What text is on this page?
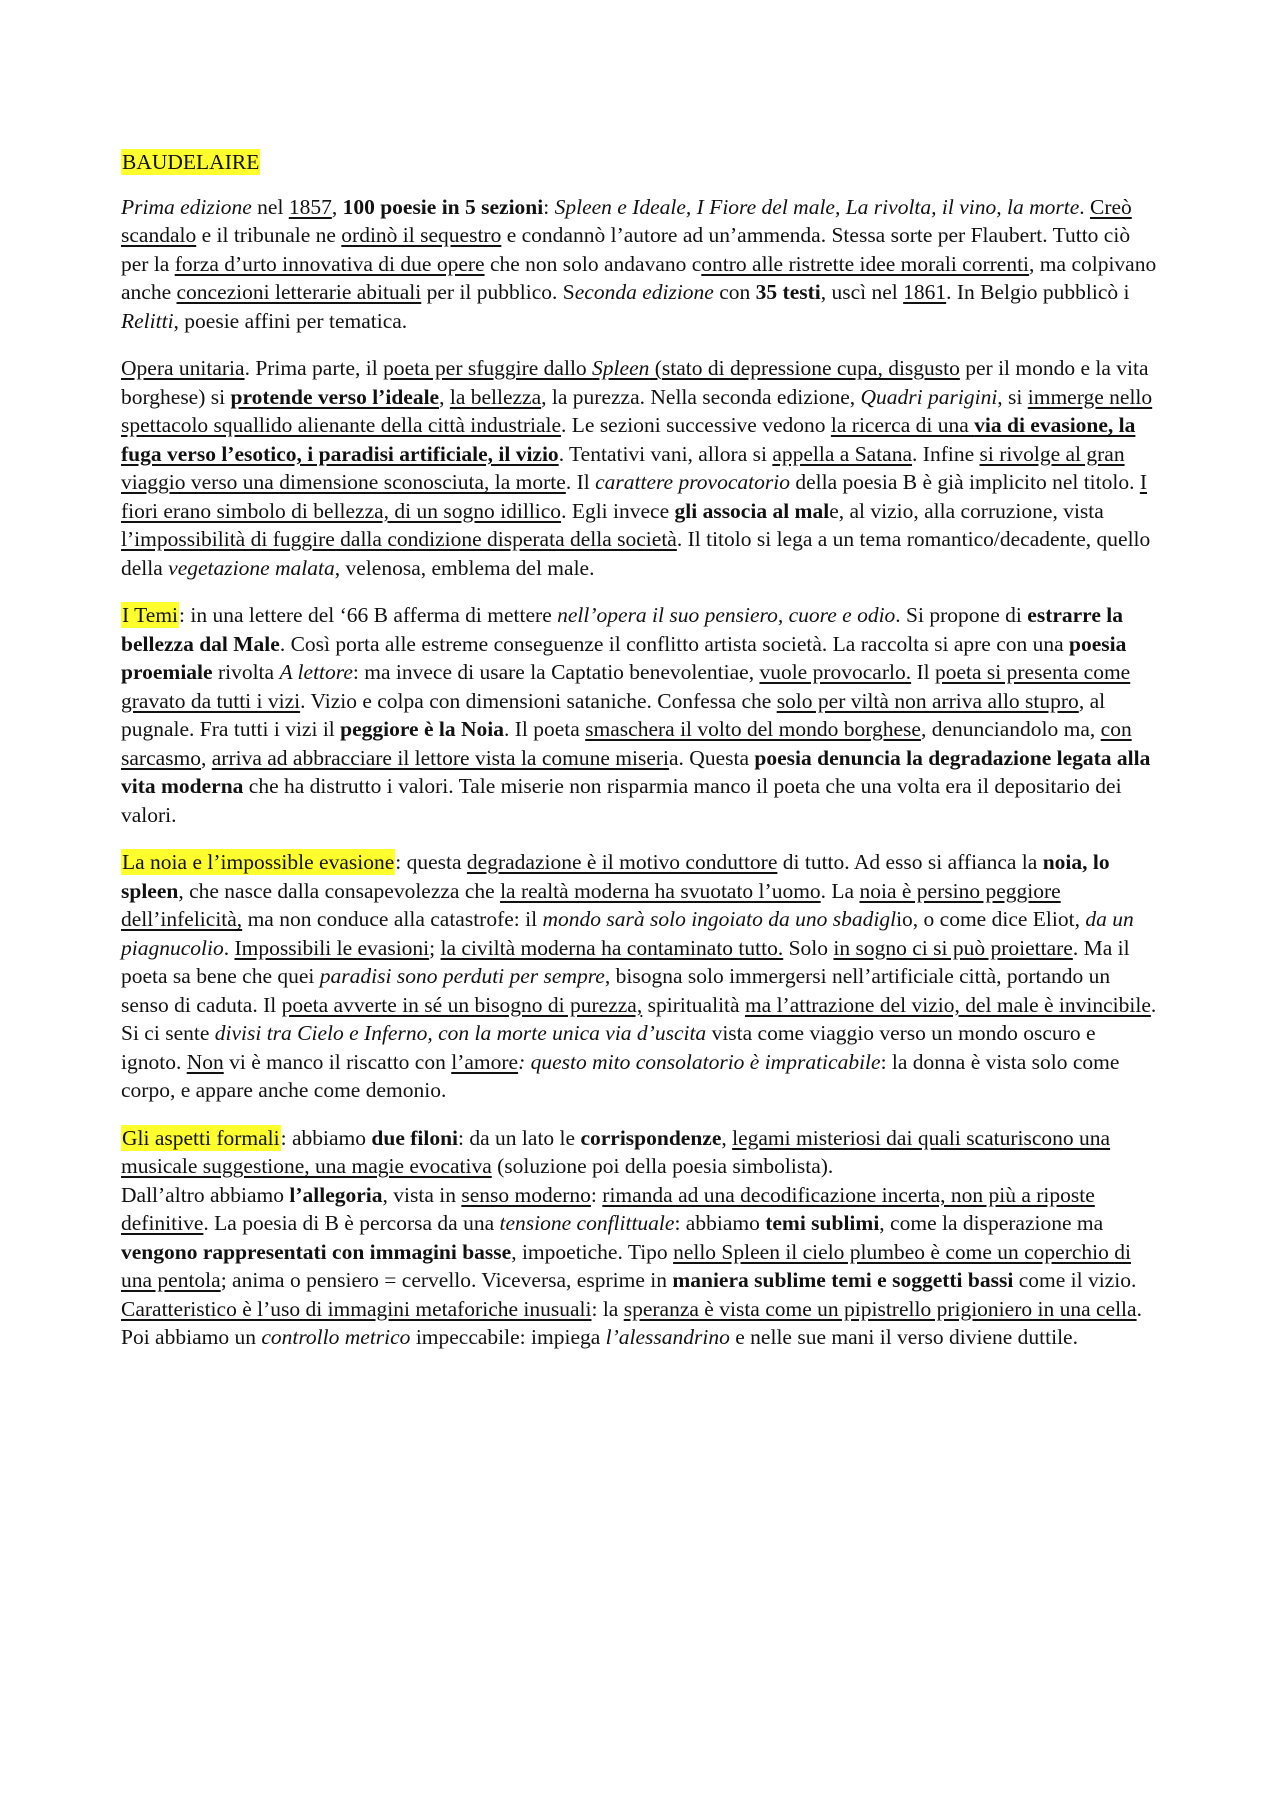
BAUDELAIRE

Prima edizione nel 1857, 100 poesie in 5 sezioni: Spleen e Ideale, I Fiore del male, La rivolta, il vino, la morte. Creò scandalo e il tribunale ne ordinò il sequestro e condannò l’autore ad un’ammenda. Stessa sorte per Flaubert. Tutto ciò per la forza d’urto innovativa di due opere che non solo andavano contro alle ristrette idee morali correnti, ma colpivano anche concezioni letterarie abituali per il pubblico. Seconda edizione con 35 testi, uscì nel 1861. In Belgio pubblicò i Relitti, poesie affini per tematica.

Opera unitaria. Prima parte, il poeta per sfuggire dallo Spleen (stato di depressione cupa, disgusto per il mondo e la vita borghese) si protende verso l’ideale, la bellezza, la purezza. Nella seconda edizione, Quadri parigini, si immerge nello spettacolo squallido alienante della città industriale. Le sezioni successive vedono la ricerca di una via di evasione, la fuga verso l’esotico, i paradisi artificiale, il vizio. Tentativi vani, allora si appella a Satana. Infine si rivolge al gran viaggio verso una dimensione sconosciuta, la morte. Il carattere provocatorio della poesia B è già implicito nel titolo. I fiori erano simbolo di bellezza, di un sogno idillico. Egli invece gli associa al male, al vizio, alla corruzione, vista l’impossibilità di fuggire dalla condizione disperata della società. Il titolo si lega a un tema romantico/decadente, quello della vegetazione malata, velenosa, emblema del male.

I Temi: in una lettere del ‘66 B afferma di mettere nell’opera il suo pensiero, cuore e odio. Si propone di estrarre la bellezza dal Male. Così porta alle estreme conseguenze il conflitto artista società. La raccolta si apre con una poesia proemiale rivolta A lettore: ma invece di usare la Captatio benevolentiae, vuole provocarlo. Il poeta si presenta come gravato da tutti i vizi. Vizio e colpa con dimensioni sataniche. Confessa che solo per viltà non arriva allo stupro, al pugnale. Fra tutti i vizi il peggiore è la Noia. Il poeta smaschera il volto del mondo borghese, denunciandolo ma, con sarcasmo, arriva ad abbracciare il lettore vista la comune miseria. Questa poesia denuncia la degradazione legata alla vita moderna che ha distrutto i valori. Tale miserie non risparmia manco il poeta che una volta era il depositario dei valori.

La noia e l’impossible evasione: questa degradazione è il motivo conduttore di tutto. Ad esso si affianca la noia, lo spleen, che nasce dalla consapevolezza che la realtà moderna ha svuotato l’uomo. La noia è persino peggiore dell’infelicità, ma non conduce alla catastrofe: il mondo sarà solo ingoiato da uno sbadiglio, o come dice Eliot, da un piagnucolio. Impossibili le evasioni; la civiltà moderna ha contaminato tutto. Solo in sogno ci si può proiettare. Ma il poeta sa bene che quei paradisi sono perduti per sempre, bisogna solo immergersi nell’artificiale città, portando un senso di caduta. Il poeta avverte in sé un bisogno di purezza, spiritualità ma l’attrazione del vizio, del male è invincibile. Si ci sente divisi tra Cielo e Inferno, con la morte unica via d’uscita vista come viaggio verso un mondo oscuro e ignoto. Non vi è manco il riscatto con l’amore: questo mito consolatorio è impraticabile: la donna è vista solo come corpo, e appare anche come demonio.

Gli aspetti formali: abbiamo due filoni: da un lato le corrispondenze, legami misteriosi dai quali scaturiscono una musicale suggestione, una magie evocativa (soluzione poi della poesia simbolista).
Dall’altro abbiamo l’allegoria, vista in senso moderno: rimanda ad una decodificazione incerta, non più a riposte definitive. La poesia di B è percorsa da una tensione conflittuale: abbiamo temi sublimi, come la disperazione ma vengono rappresentati con immagini basse, impoetiche. Tipo nello Spleen il cielo plumbeo è come un coperchio di una pentola; anima o pensiero = cervello. Viceversa, esprime in maniera sublime temi e soggetti bassi come il vizio. Caratteristico è l’uso di immagini metaforiche inusuali: la speranza è vista come un pipistrello prigioniero in una cella. Poi abbiamo un controllo metrico impeccabile: impiega l’alessandrino e nelle sue mani il verso diviene duttile.
